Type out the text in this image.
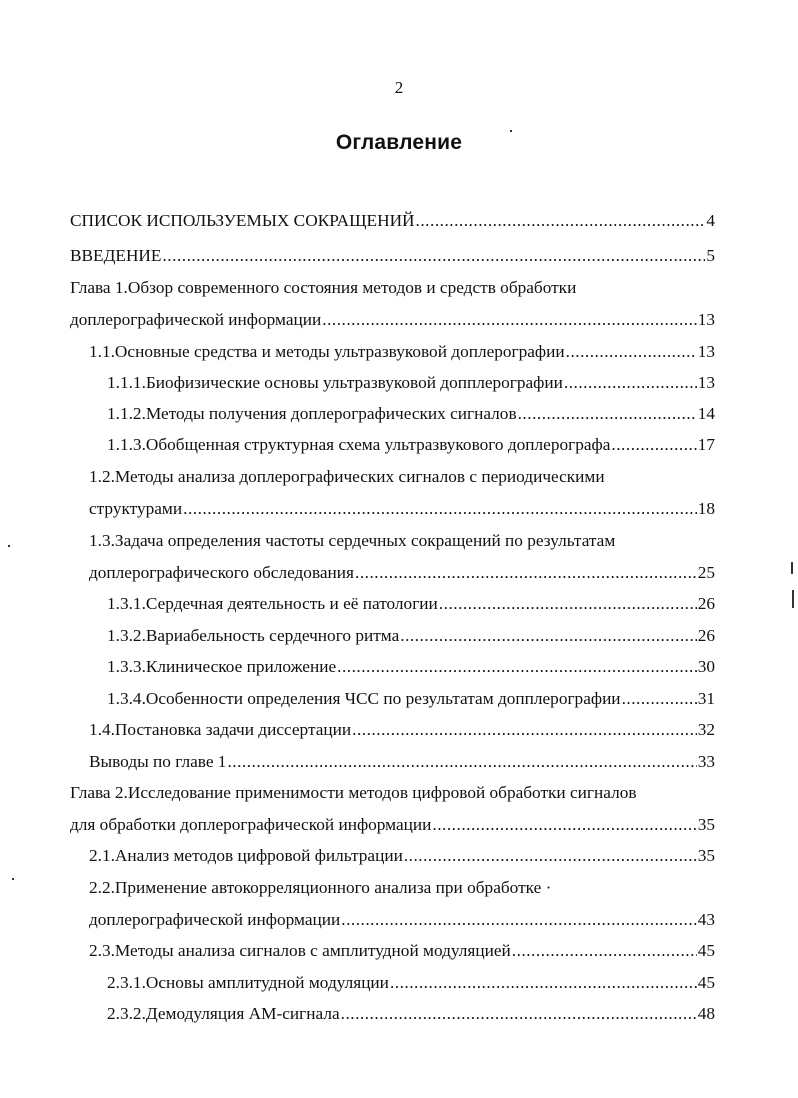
2
Оглавление
СПИСОК ИСПОЛЬЗУЕМЫХ СОКРАЩЕНИЙ .....	4
ВВЕДЕНИЕ .....	5
Глава 1.Обзор современного состояния методов и средств обработки
доплерографической информации .....	13
1.1.Основные средства и методы ультразвуковой доплерографии .....	13
1.1.1.Биофизические основы ультразвуковой допплерографии .....	13
1.1.2.Методы получения доплерографических сигналов .....	14
1.1.3.Обобщенная структурная схема ультразвукового доплерографа .....	17
1.2.Методы анализа доплерографических сигналов с периодическими
структурами .....	18
1.3.Задача определения частоты сердечных сокращений по результатам
доплерографического обследования .....	25
1.3.1.Сердечная деятельность и её патологии .....	26
1.3.2.Вариабельность сердечного ритма .....	26
1.3.3.Клиническое приложение .....	30
1.3.4.Особенности определения ЧСС по результатам допплерографии .....	31
1.4.Постановка задачи диссертации .....	32
Выводы по главе 1 .....	33
Глава 2.Исследование применимости методов цифровой обработки сигналов
для обработки доплерографической информации .....	35
2.1.Анализ методов цифровой фильтрации .....	35
2.2.Применение автокорреляционного анализа при обработке ·
доплерографической информации .....	43
2.3.Методы анализа сигналов с амплитудной модуляцией .....	45
2.3.1.Основы амплитудной модуляции .....	45
2.3.2.Демодуляция АМ-сигнала .....	48
